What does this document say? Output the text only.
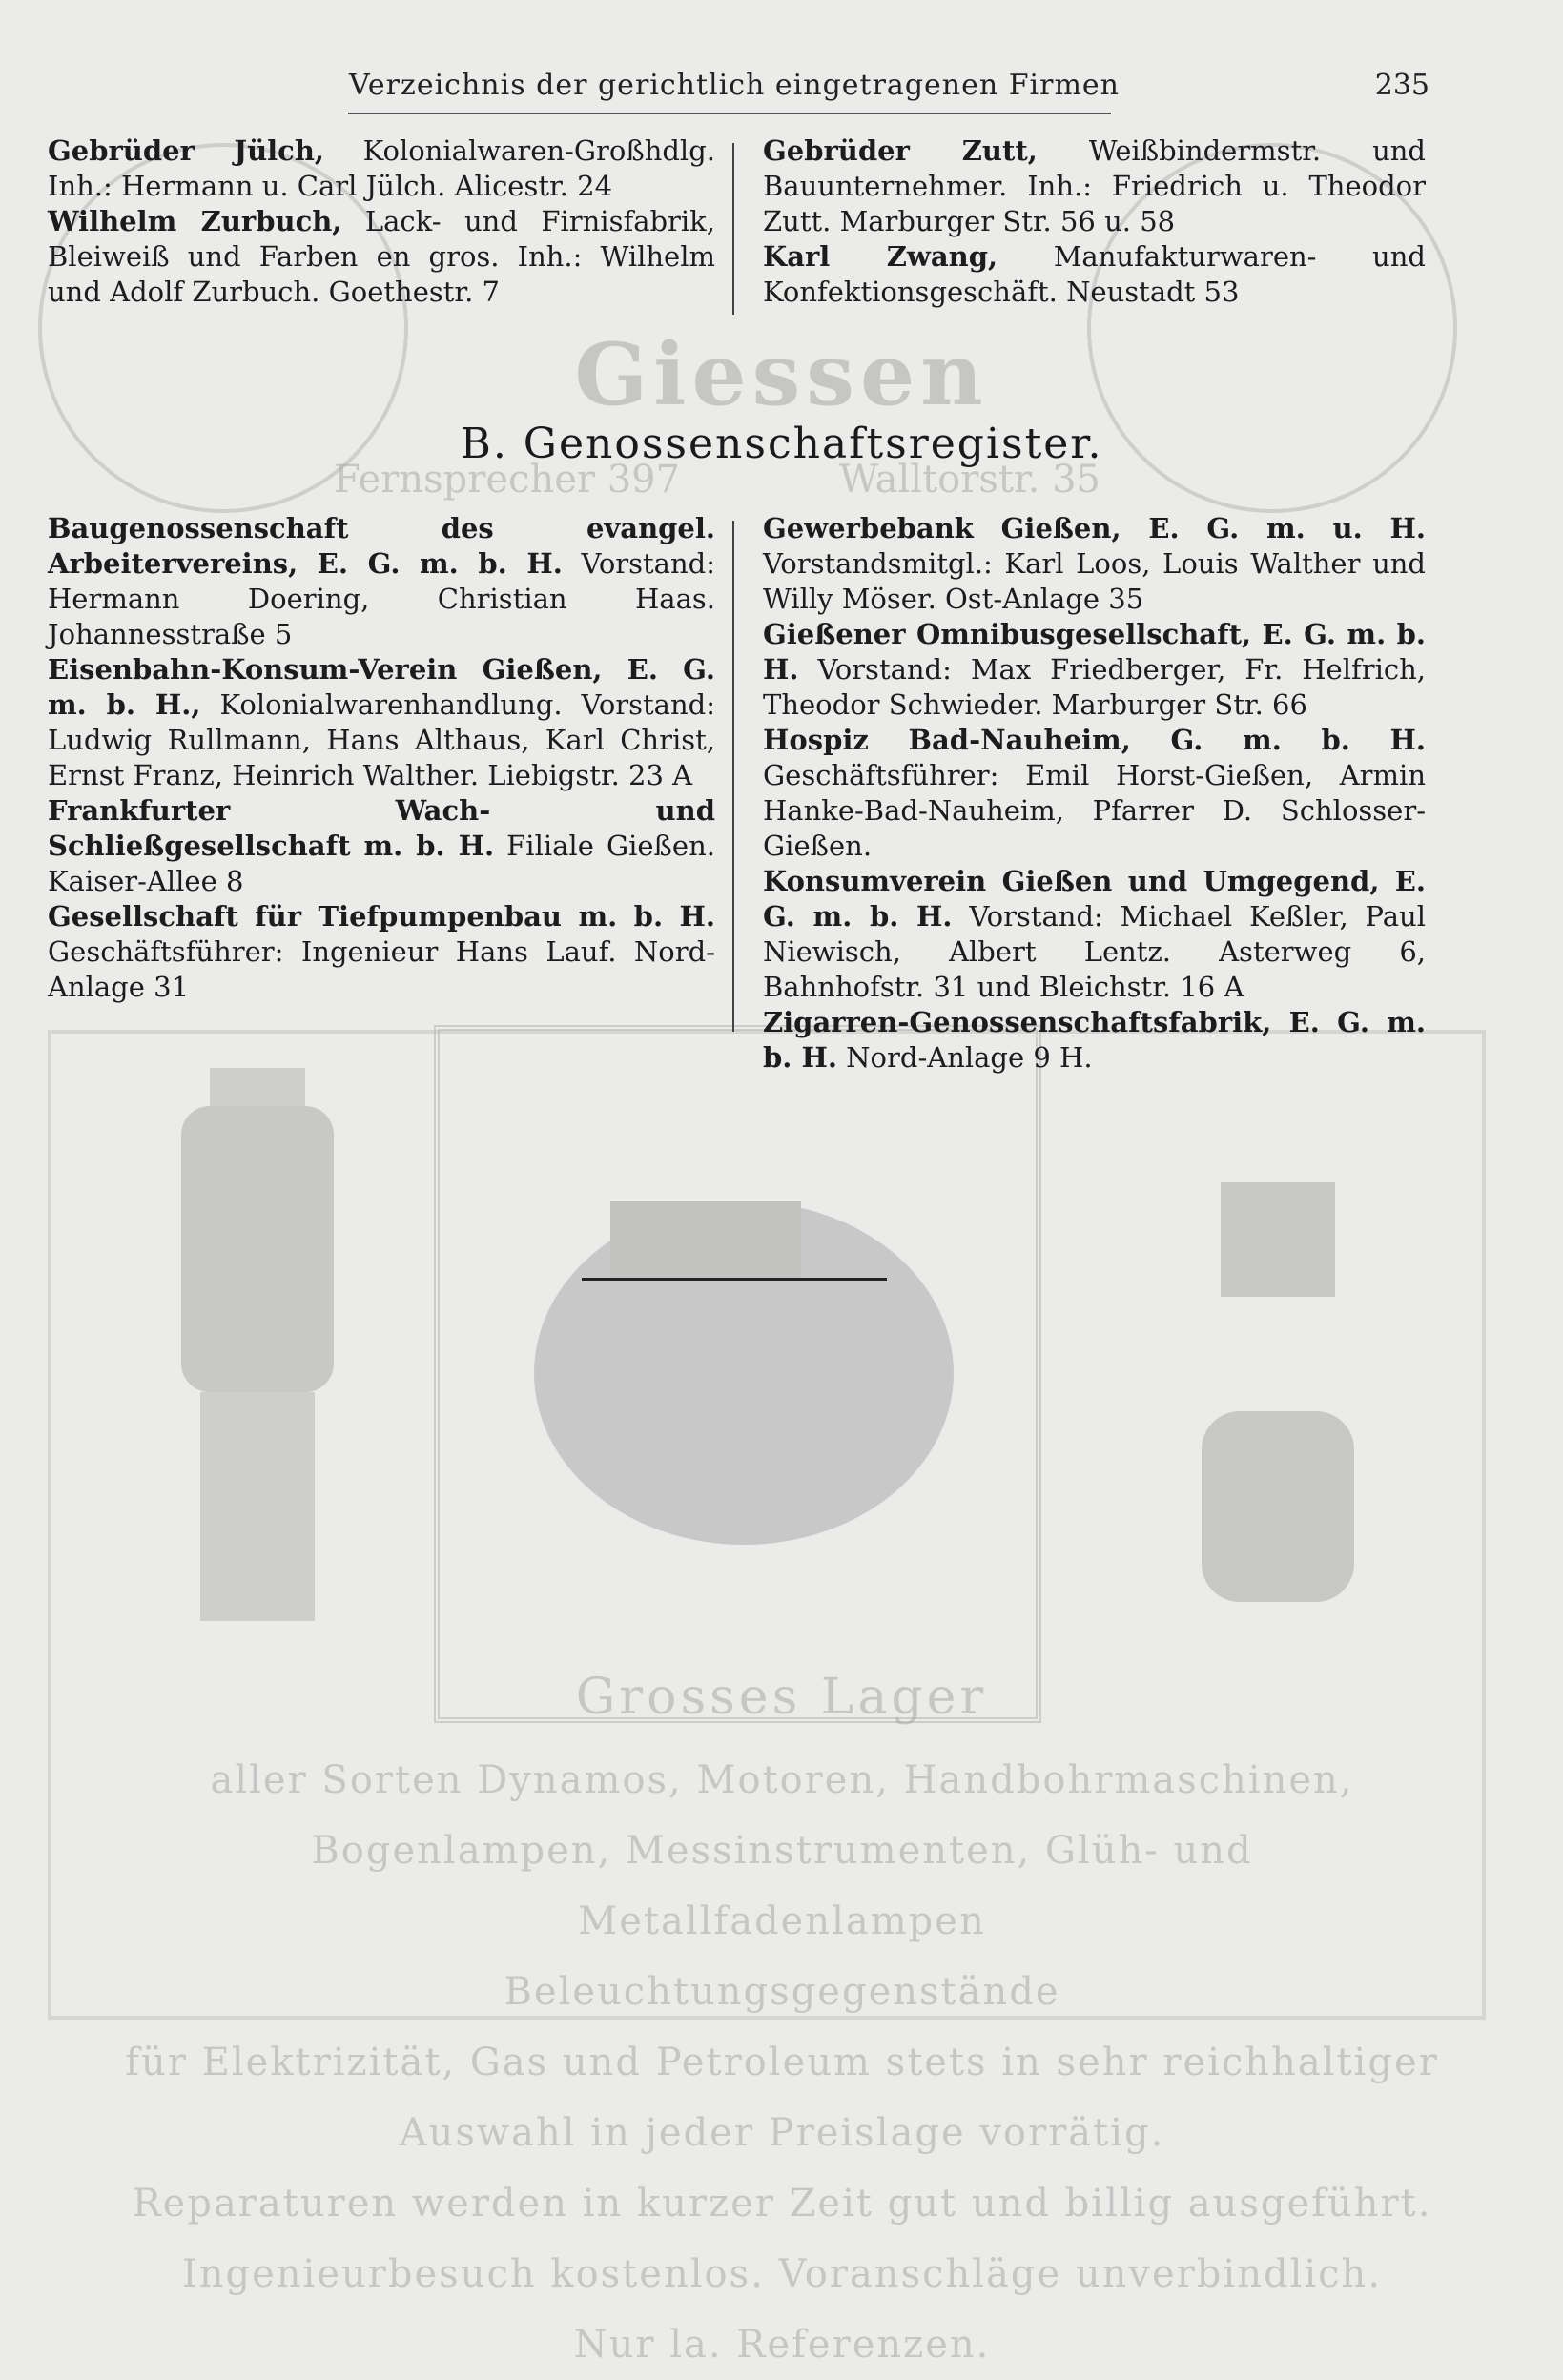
Giessen
Fernsprecher 397	Walltorstr. 35
Grosses Lager
aller Sorten Dynamos, Motoren, Handbohrmaschinen, Bogenlampen, Messinstrumenten, Glüh- und Metallfadenlampen
Beleuchtungsgegenstände
für Elektrizität, Gas und Petroleum stets in sehr reichhaltiger Auswahl in jeder Preislage vorrätig.
Reparaturen werden in kurzer Zeit gut und billig ausgeführt.
Ingenieurbesuch kostenlos. Voranschläge unverbindlich.
Nur la. Referenzen.
Verzeichnis der gerichtlich eingetragenen Firmen	235

Gebrüder Jülch, Kolonialwaren-Großhdlg. Inh.: Hermann u. Carl Jülch. Alicestr. 24

Wilhelm Zurbuch, Lack- und Firnisfabrik, Bleiweiß und Farben en gros. Inh.: Wilhelm und Adolf Zurbuch. Goethestr. 7

Gebrüder Zutt, Weißbindermstr. und Bauunternehmer. Inh.: Friedrich u. Theodor Zutt. Marburger Str. 56 u. 58

Karl Zwang, Manufakturwaren- und Konfektionsgeschäft. Neustadt 53

B. Genossenschaftsregister.

Baugenossenschaft des evangel. Arbeitervereins, E. G. m. b. H. Vorstand: Hermann Doering, Christian Haas. Johannesstraße 5

Eisenbahn-Konsum-Verein Gießen, E. G. m. b. H., Kolonialwarenhandlung. Vorstand: Ludwig Rullmann, Hans Althaus, Karl Christ, Ernst Franz, Heinrich Walther. Liebigstr. 23 A

Frankfurter Wach- und Schließgesellschaft m. b. H. Filiale Gießen. Kaiser-Allee 8

Gesellschaft für Tiefpumpenbau m. b. H. Geschäftsführer: Ingenieur Hans Lauf. Nord-Anlage 31

Gewerbebank Gießen, E. G. m. u. H. Vorstandsmitgl.: Karl Loos, Louis Walther und Willy Möser. Ost-Anlage 35

Gießener Omnibusgesellschaft, E. G. m. b. H. Vorstand: Max Friedberger, Fr. Helfrich, Theodor Schwieder. Marburger Str. 66

Hospiz Bad-Nauheim, G. m. b. H. Geschäftsführer: Emil Horst-Gießen, Armin Hanke-Bad-Nauheim, Pfarrer D. Schlosser-Gießen.

Konsumverein Gießen und Umgegend, E. G. m. b. H. Vorstand: Michael Keßler, Paul Niewisch, Albert Lentz. Asterweg 6, Bahnhofstr. 31 und Bleichstr. 16 A

Zigarren-Genossenschaftsfabrik, E. G. m. b. H. Nord-Anlage 9 H.
